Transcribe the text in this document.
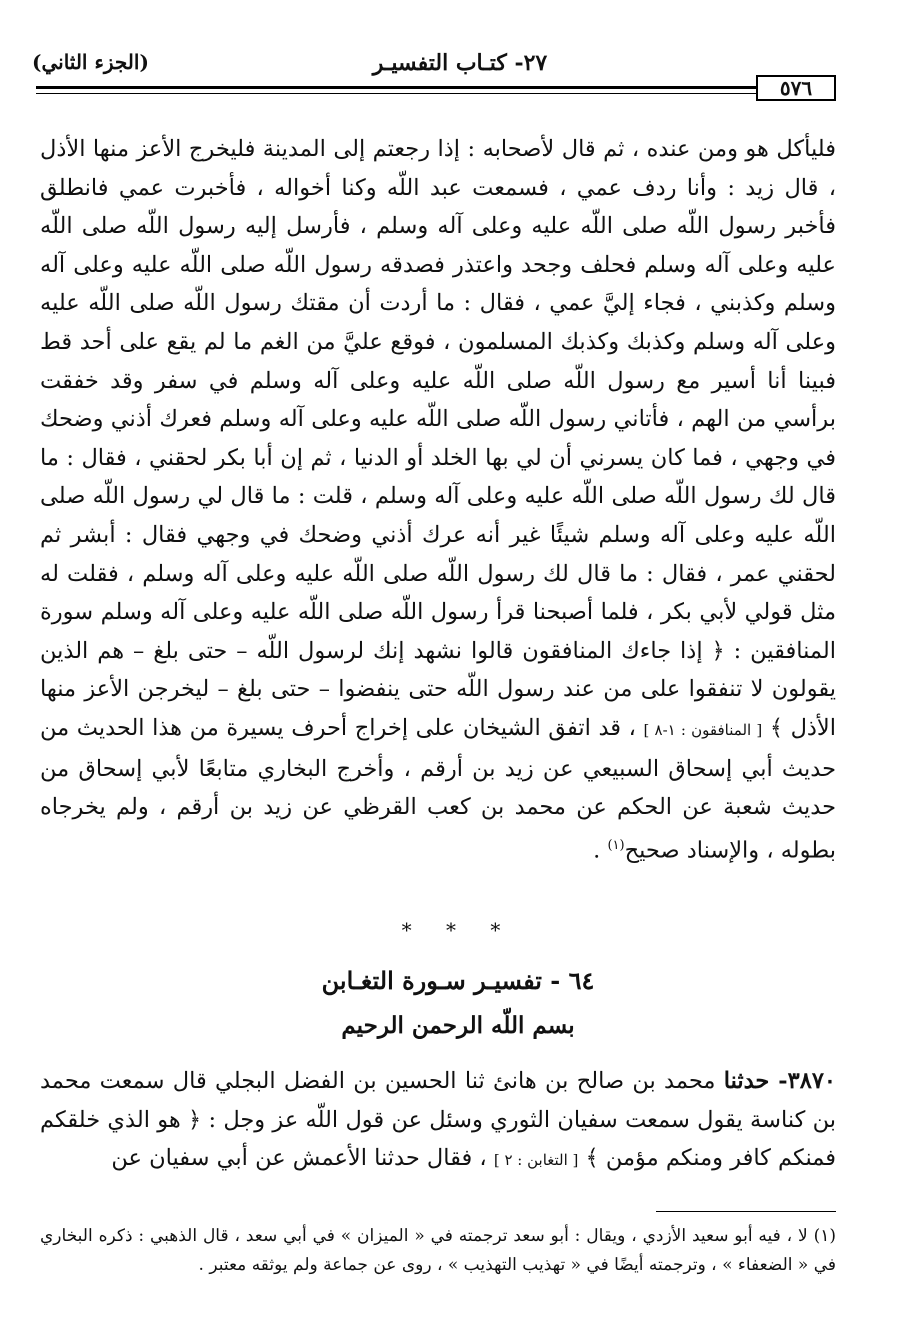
(الجزء الثاني)	٢٧- كتـاب التفسيـر
٥٧٦

فليأكل هو ومن عنده ، ثم قال لأصحابه : إذا رجعتم إلى المدينة فليخرج الأعز منها الأذل ، قال زيد : وأنا ردف عمي ، فسمعت عبد اللّه وكنا أخواله ، فأخبرت عمي فانطلق فأخبر رسول اللّه صلى اللّه عليه وعلى آله وسلم ، فأرسل إليه رسول اللّه صلى اللّه عليه وعلى آله وسلم فحلف وجحد واعتذر فصدقه رسول اللّه صلى اللّه عليه وعلى آله وسلم وكذبني ، فجاء إليَّ عمي ، فقال : ما أردت أن مقتك رسول اللّه صلى اللّه عليه وعلى آله وسلم وكذبك وكذبك المسلمون ، فوقع عليَّ من الغم ما لم يقع على أحد قط فبينا أنا أسير مع رسول اللّه صلى اللّه عليه وعلى آله وسلم في سفر وقد خفقت برأسي من الهم ، فأتاني رسول اللّه صلى اللّه عليه وعلى آله وسلم فعرك أذني وضحك في وجهي ، فما كان يسرني أن لي بها الخلد أو الدنيا ، ثم إن أبا بكر لحقني ، فقال : ما قال لك رسول اللّه صلى اللّه عليه وعلى آله وسلم ، قلت : ما قال لي رسول اللّه صلى اللّه عليه وعلى آله وسلم شيئًا غير أنه عرك أذني وضحك في وجهي فقال : أبشر ثم لحقني عمر ، فقال : ما قال لك رسول اللّه صلى اللّه عليه وعلى آله وسلم ، فقلت له مثل قولي لأبي بكر ، فلما أصبحنا قرأ رسول اللّه صلى اللّه عليه وعلى آله وسلم سورة المنافقين : ﴿ إذا جاءك المنافقون قالوا نشهد إنك لرسول اللّه – حتى بلغ – هم الذين يقولون لا تنفقوا على من عند رسول اللّه حتى ينفضوا – حتى بلغ – ليخرجن الأعز منها الأذل ﴾ [ المنافقون : ١-٨ ] ، قد اتفق الشيخان على إخراج أحرف يسيرة من هذا الحديث من حديث أبي إسحاق السبيعي عن زيد بن أرقم ، وأخرج البخاري متابعًا لأبي إسحاق من حديث شعبة عن الحكم عن محمد بن كعب القرظي عن زيد بن أرقم ، ولم يخرجاه بطوله ، والإسناد صحيح$^{(١)}$ .

* * *
٦٤ - تفسيـر سـورة التغـابن
بسم اللّه الرحمن الرحيم

٣٨٧٠- حدثنا محمد بن صالح بن هانئ ثنا الحسين بن الفضل البجلي قال سمعت محمد بن كناسة يقول سمعت سفيان الثوري وسئل عن قول اللّه عز وجل : ﴿ هو الذي خلقكم فمنكم كافر ومنكم مؤمن ﴾ [ التغابن : ٢ ] ، فقال حدثنا الأعمش عن أبي سفيان عن

(١) لا ، فيه أبو سعيد الأزدي ، ويقال : أبو سعد ترجمته في « الميزان » في أبي سعد ، قال الذهبي : ذكره البخاري في « الضعفاء » ، وترجمته أيضًا في « تهذيب التهذيب » ، روى عن جماعة ولم يوثقه معتبر .
